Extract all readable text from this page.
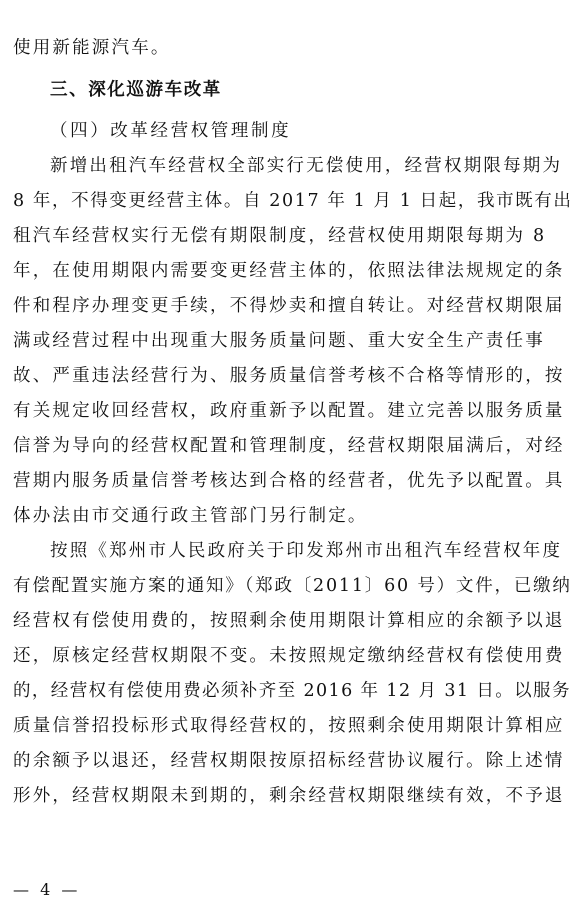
使用新能源汽车。
三、深化巡游车改革
（四）改革经营权管理制度
新增出租汽车经营权全部实行无偿使用，经营权期限每期为
8 年，不得变更经营主体。自 2017 年 1 月 1 日起，我市既有出
租汽车经营权实行无偿有期限制度，经营权使用期限每期为 8
年，在使用期限内需要变更经营主体的，依照法律法规规定的条
件和程序办理变更手续，不得炒卖和擅自转让。对经营权期限届
满或经营过程中出现重大服务质量问题、重大安全生产责任事
故、严重违法经营行为、服务质量信誉考核不合格等情形的，按
有关规定收回经营权，政府重新予以配置。建立完善以服务质量
信誉为导向的经营权配置和管理制度，经营权期限届满后，对经
营期内服务质量信誉考核达到合格的经营者，优先予以配置。具
体办法由市交通行政主管部门另行制定。
按照《郑州市人民政府关于印发郑州市出租汽车经营权年度
有偿配置实施方案的通知》（郑政〔2011〕60 号）文件，已缴纳
经营权有偿使用费的，按照剩余使用期限计算相应的余额予以退
还，原核定经营权期限不变。未按照规定缴纳经营权有偿使用费
的，经营权有偿使用费必须补齐至 2016 年 12 月 31 日。以服务
质量信誉招投标形式取得经营权的，按照剩余使用期限计算相应
的余额予以退还，经营权期限按原招标经营协议履行。除上述情
形外，经营权期限未到期的，剩余经营权期限继续有效，不予退
— 4 —
